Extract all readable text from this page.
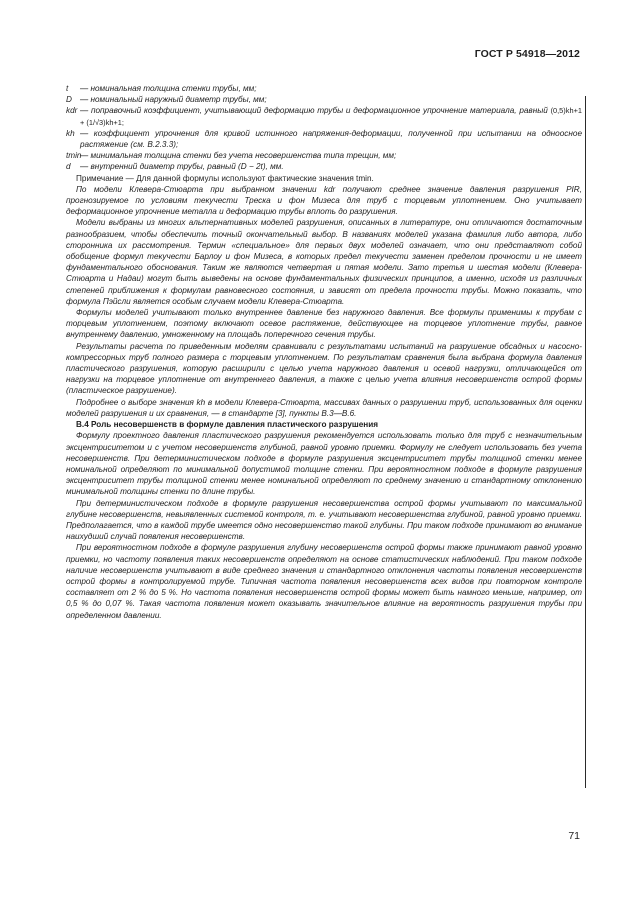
ГОСТ Р 54918—2012
t — номинальная толщина стенки трубы, мм;
D — номинальный наружный диаметр трубы, мм;
kdr — поправочный коэффициент, учитывающий деформацию трубы и деформационное упрочнение материала, равный (0,5)kh+1 + (1/√3)kh+1;
kh — коэффициент упрочнения для кривой истинного напряжения-деформации, полученной при испытании на одноосное растяжение (см. В.2.3.3);
tmin
— минимальная толщина стенки без учета несовершенства типа трещин, мм;
d — внутренний диаметр трубы, равный (D − 2t), мм.

Примечание — Для данной формулы используют фактические значения tmin.

По модели Клевера-Стюарта при выбранном значении kdr получают среднее значение давления разрушения PIR, прогнозируемое по условиям текучести Треска и фон Мизеса для труб с торцевым уплотнением. Оно учитывает деформационное упрочнение металла и деформацию трубы вплоть до разрушения.

Модели выбраны из многих альтернативных моделей разрушения, описанных в литературе, они отличаются достаточным разнообразием, чтобы обеспечить точный окончательный выбор. В названиях моделей указана фамилия либо автора, либо сторонника их рассмотрения. Термин «специальное» для первых двух моделей означает, что они представляют собой обобщение формул текучести Барлоу и фон Мизеса, в которых предел текучести заменен пределом прочности и не имеет фундаментального обоснования. Таким же являются четвертая и пятая модели. Зато третья и шестая модели (Клевера-Стюарта и Надаи) могут быть выведены на основе фундаментальных физических принципов, а именно, исходя из различных степеней приближения к формулам равновесного состояния, и зависят от предела прочности трубы. Можно показать, что формула Пэйсли является особым случаем модели Клевера-Стюарта.

Формулы моделей учитывают только внутреннее давление без наружного давления. Все формулы применимы к трубам с торцевым уплотнением, поэтому включают осевое растяжение, действующее на торцевое уплотнение трубы, равное внутреннему давлению, умноженному на площадь поперечного сечения трубы.

Результаты расчета по приведенным моделям сравнивали с результатами испытаний на разрушение обсадных и насосно-компрессорных труб полного размера с торцевым уплотнением. По результатам сравнения была выбрана формула давления пластического разрушения, которую расширили с целью учета наружного давления и осевой нагрузки, отличающейся от нагрузки на торцевое уплотнение от внутреннего давления, а также с целью учета влияния несовершенств острой формы (пластическое разрушение).

Подробнее о выборе значения kh в модели Клевера-Стюарта, массивах данных о разрушении труб, использованных для оценки моделей разрушения и их сравнения, — в стандарте [3], пункты В.3—В.6.

В.4 Роль несовершенств в формуле давления пластического разрушения

Формулу проектного давления пластического разрушения рекомендуется использовать только для труб с незначительным эксцентриситетом и с учетом несовершенств глубиной, равной уровню приемки. Формулу не следует использовать без учета несовершенств. При детерминистическом подходе в формуле разрушения эксцентриситет трубы толщиной стенки менее номинальной определяют по минимальной допустимой толщине стенки. При вероятностном подходе в формуле разрушения эксцентриситет трубы толщиной стенки менее номинальной определяют по среднему значению и стандартному отклонению минимальной толщины стенки по длине трубы.

При детерминистическом подходе в формуле разрушения несовершенства острой формы учитывают по максимальной глубине несовершенств, невыявленных системой контроля, т. е. учитывают несовершенства глубиной, равной уровню приемки. Предполагается, что в каждой трубе имеется одно несовершенство такой глубины. При таком подходе принимают во внимание наихудший случай появления несовершенств.

При вероятностном подходе в формуле разрушения глубину несовершенств острой формы также принимают равной уровню приемки, но частоту появления таких несовершенств определяют на основе статистических наблюдений. При таком подходе наличие несовершенств учитывают в виде среднего значения и стандартного отклонения частоты появления несовершенств острой формы в контролируемой трубе. Типичная частота появления несовершенств всех видов при повторном контроле составляет от 2 % до 5 %. Но частота появления несовершенств острой формы может быть намного меньше, например, от 0,5 % до 0,07 %. Такая частота появления может оказывать значительное влияние на вероятность разрушения трубы при определенном давлении.

71
